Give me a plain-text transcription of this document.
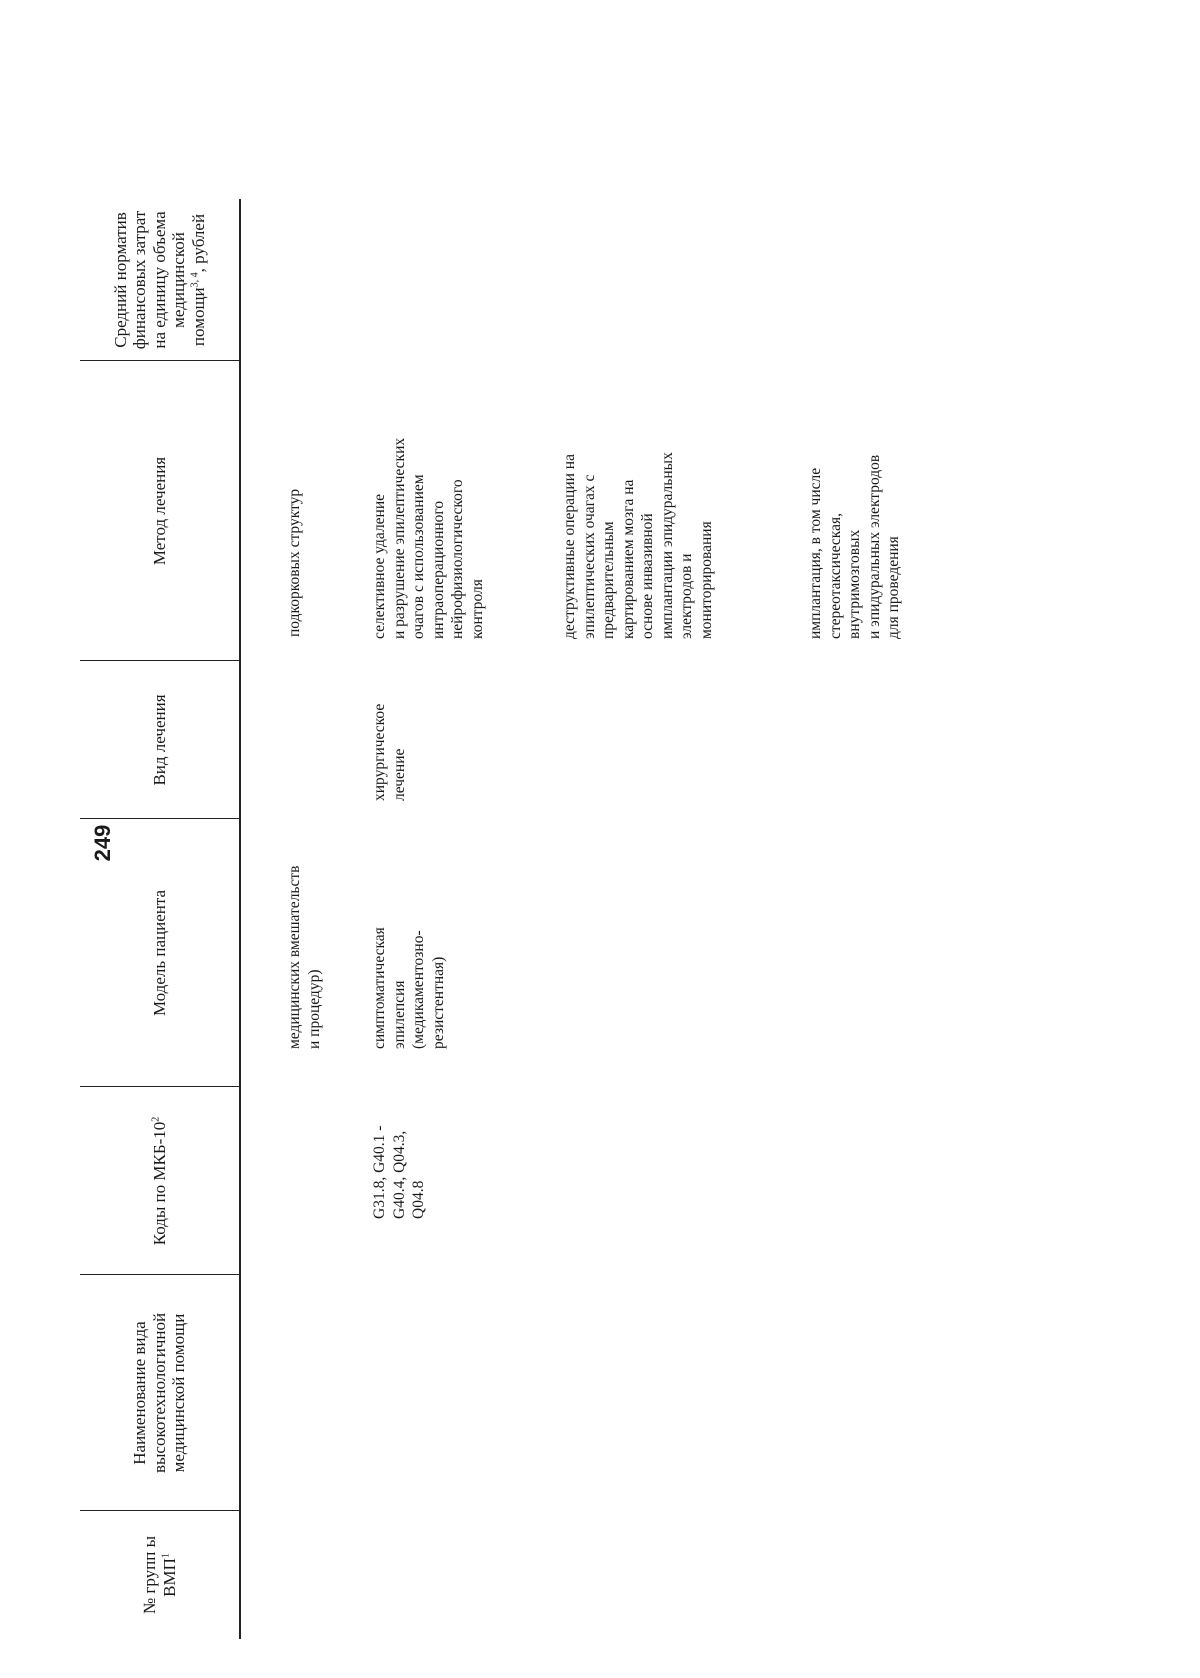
249
№ групп ы ВМП$^1$
Наименование вида высокотехнологичной медицинской помощи
Коды по МКБ-$10^2$
Модель пациента
Вид лечения
Метод лечения
Средний норматив финансовых затрат на единицу объема медицинской помощи$^{3, 4}$, рублей
медицинских вмешательств
и процедур)
подкорковых структур
G31.8, G40.1 -
G40.4, Q04.3,
Q04.8
симптоматическая
эпилепсия
(медикаментозно-
резистентная)
хирургическое
лечение
селективное удаление
и разрушение эпилептических
очагов с использованием
интраоперационного
нейрофизиологического
контроля	деструктивные операции на
эпилептических очагах с
предварительным
картированием мозга на
основе инвазивной
имплантации эпидуральных
электродов и
мониторирования	имплантация, в том числе
стереотаксическая,
внутримозговых
и эпидуральных электродов
для проведения
